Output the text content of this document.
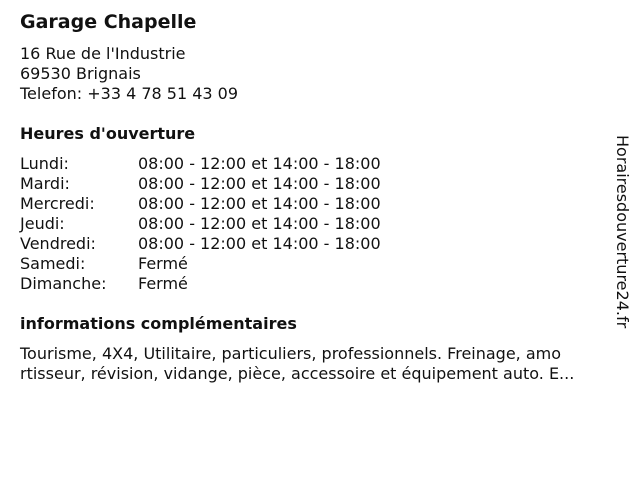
Garage Chapelle
16 Rue de l'Industrie
69530 Brignais
Telefon: +33 4 78 51 43 09
Heures d'ouverture
Lundi:	08:00 - 12:00 et 14:00 - 18:00
Mardi:	08:00 - 12:00 et 14:00 - 18:00
Mercredi:	08:00 - 12:00 et 14:00 - 18:00
Jeudi:	08:00 - 12:00 et 14:00 - 18:00
Vendredi:	08:00 - 12:00 et 14:00 - 18:00
Samedi:	Fermé
Dimanche:	Fermé
informations complémentaires
Tourisme, 4X4, Utilitaire, particuliers, professionnels. Freinage, amo
rtisseur, révision, vidange, pièce, accessoire et équipement auto. E...
Horairesdouverture24.fr
